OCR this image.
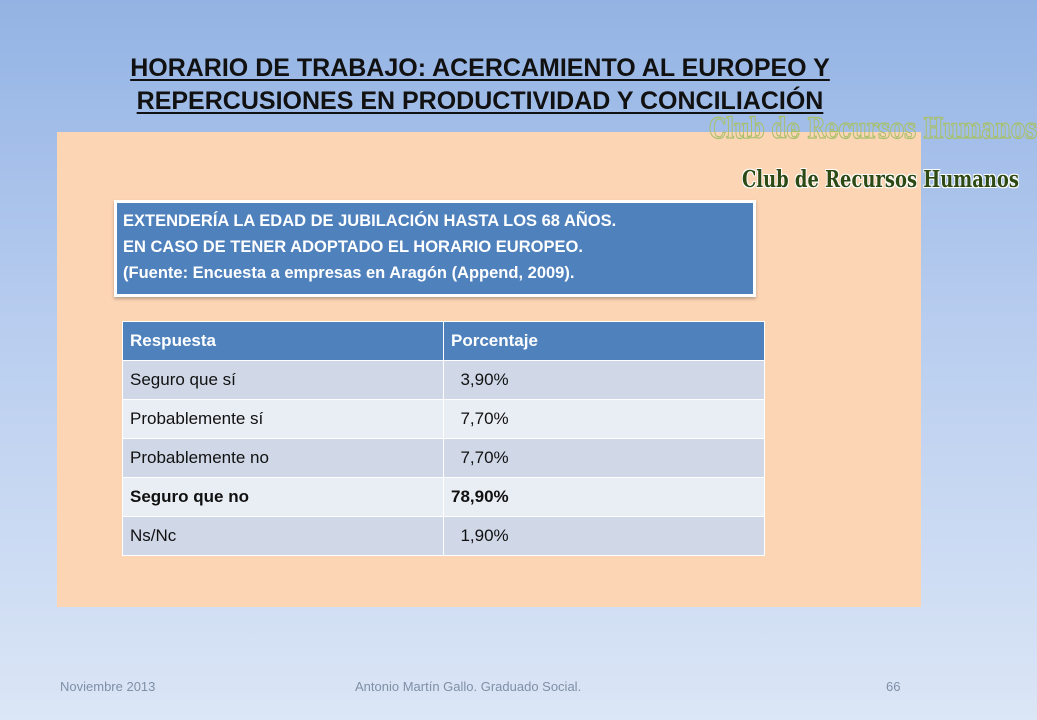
HORARIO DE TRABAJO: ACERCAMIENTO AL EUROPEO Y
REPERCUSIONES EN PRODUCTIVIDAD Y CONCILIACIÓN
Club de Recursos Humanos
Club de Recursos Humanos
EXTENDERÍA LA EDAD DE JUBILACIÓN HASTA LOS 68 AÑOS.
EN CASO DE TENER ADOPTADO EL HORARIO EUROPEO.
(Fuente: Encuesta a empresas en Aragón (Append, 2009).
Respuesta	Porcentaje
Seguro que sí	3,90%
Probablemente sí	7,70%
Probablemente no	7,70%
Seguro que no	78,90%
Ns/Nc	1,90%
Noviembre 2013	Antonio Martín Gallo. Graduado Social.	66
